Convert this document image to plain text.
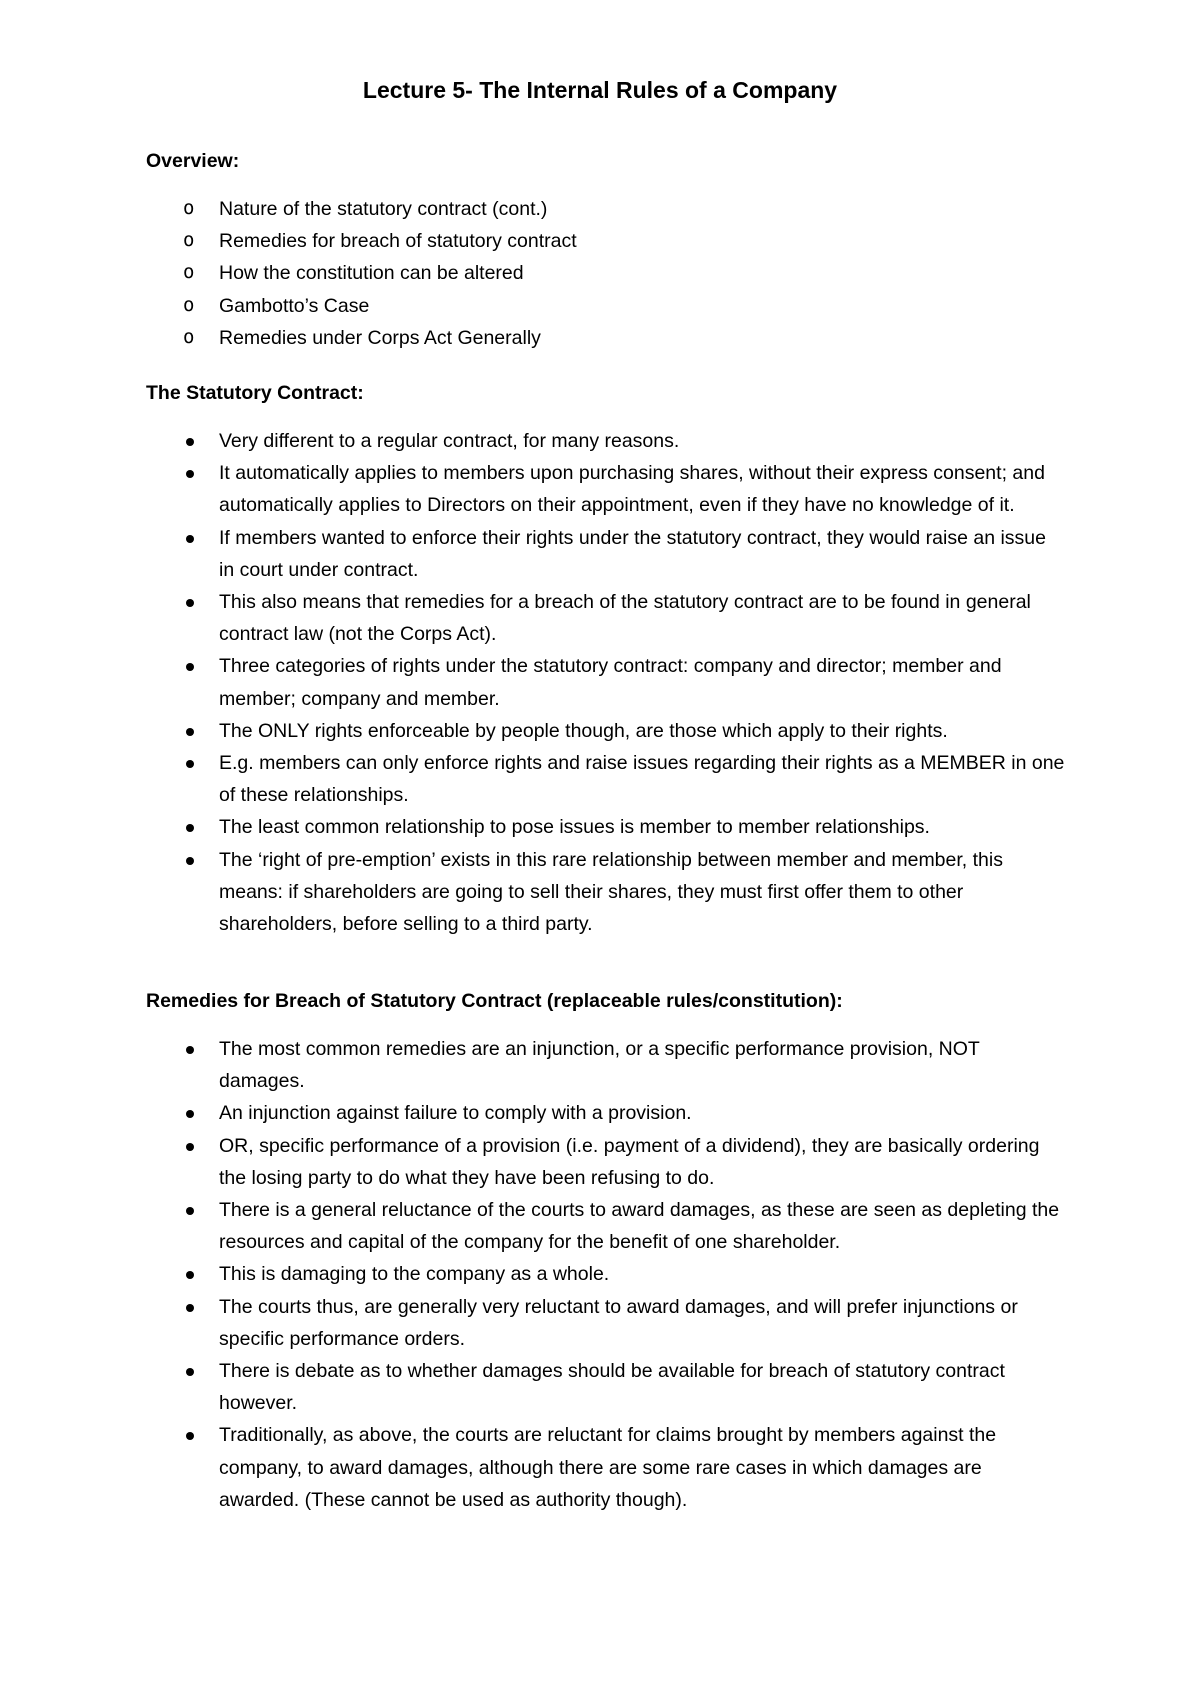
Lecture 5- The Internal Rules of a Company
Overview:
o Nature of the statutory contract (cont.)
o Remedies for breach of statutory contract
o How the constitution can be altered
o Gambotto’s Case
o Remedies under Corps Act Generally
The Statutory Contract:
Very different to a regular contract, for many reasons.
It automatically applies to members upon purchasing shares, without their express consent; and automatically applies to Directors on their appointment, even if they have no knowledge of it.
If members wanted to enforce their rights under the statutory contract, they would raise an issue in court under contract.
This also means that remedies for a breach of the statutory contract are to be found in general contract law (not the Corps Act).
Three categories of rights under the statutory contract: company and director; member and member; company and member.
The ONLY rights enforceable by people though, are those which apply to their rights.
E.g. members can only enforce rights and raise issues regarding their rights as a MEMBER in one of these relationships.
The least common relationship to pose issues is member to member relationships.
The ‘right of pre-emption’ exists in this rare relationship between member and member, this means: if shareholders are going to sell their shares, they must first offer them to other shareholders, before selling to a third party.
Remedies for Breach of Statutory Contract (replaceable rules/constitution):
The most common remedies are an injunction, or a specific performance provision, NOT damages.
An injunction against failure to comply with a provision.
OR, specific performance of a provision (i.e. payment of a dividend), they are basically ordering the losing party to do what they have been refusing to do.
There is a general reluctance of the courts to award damages, as these are seen as depleting the resources and capital of the company for the benefit of one shareholder.
This is damaging to the company as a whole.
The courts thus, are generally very reluctant to award damages, and will prefer injunctions or specific performance orders.
There is debate as to whether damages should be available for breach of statutory contract however.
Traditionally, as above, the courts are reluctant for claims brought by members against the company, to award damages, although there are some rare cases in which damages are awarded. (These cannot be used as authority though).
